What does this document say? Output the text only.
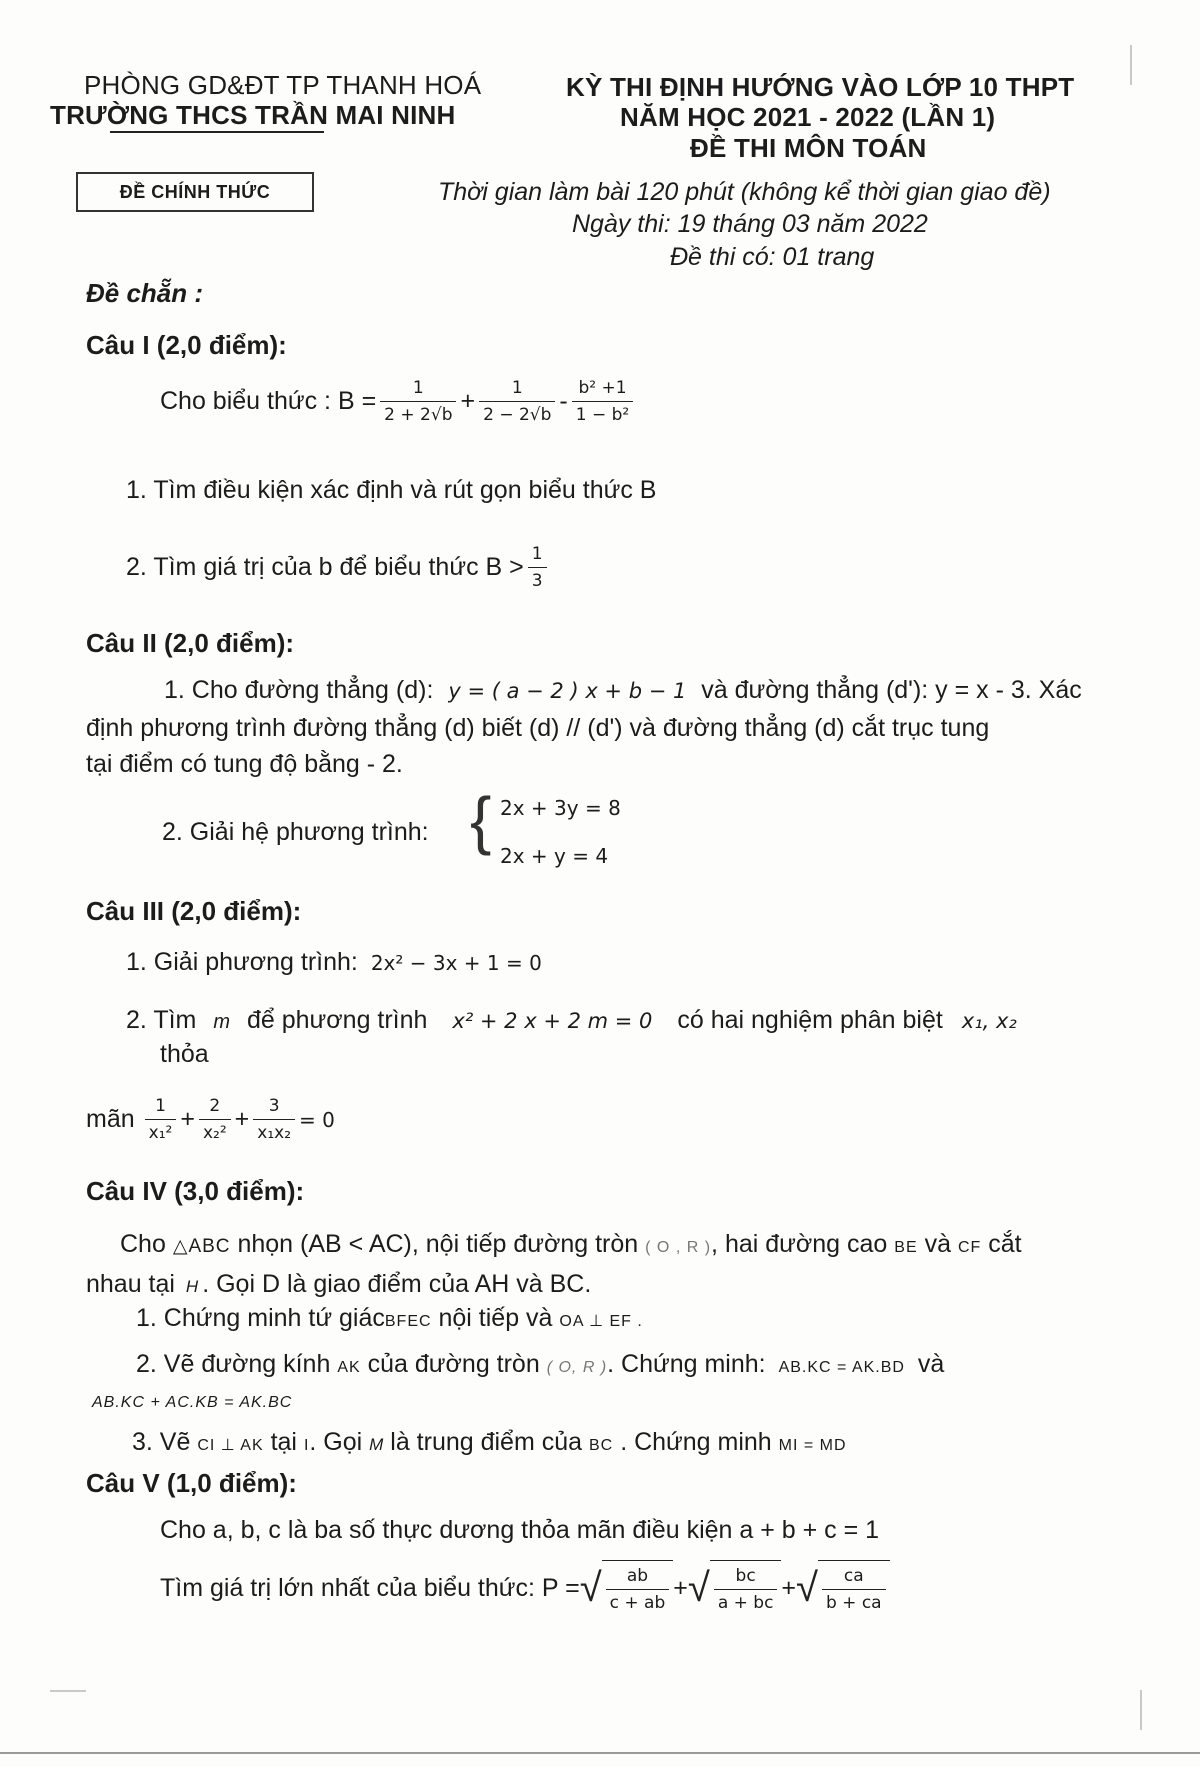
PHÒNG GD&ĐT TP THANH HOÁ
TRƯỜNG THCS TRẦN MAI NINH
KỲ THI ĐỊNH HƯỚNG VÀO LỚP 10 THPT
NĂM HỌC 2021 - 2022 (LẦN 1)
ĐỀ THI MÔN TOÁN
ĐỀ CHÍNH THỨC	Thời gian làm bài 120 phút (không kể thời gian giao đề)
Ngày thi: 19 tháng 03 năm 2022
Đề thi có: 01 trang
Đề chẵn :
Câu I (2,0 điểm):
Cho biểu thức : $B = \frac{1}{2 + 2√b} + \frac{1}{2 - 2√b} - \frac{\text{b² +1}}{\text{1 − b²}}$
1. Tìm điều kiện xác định và rút gọn biểu thức B
2. Tìm giá trị của b để biểu thức $B > \frac{1}{3}$
Câu II (2,0 điểm):
1. Cho đường thẳng (d): y = ( a − 2 ) x + b − 1 và đường thẳng (d'): y = x - 3. Xác
định phương trình đường thẳng (d) biết (d) // (d') và đường thẳng (d) cắt trục tung
tại điểm có tung độ bằng - 2.
2. Giải hệ phương trình: { 2x + 3y = 8
2x + y = 4
Câu III (2,0 điểm):
1. Giải phương trình: 2x² − 3x + 1 = 0
2. Tìm m để phương trình x² + 2 x + 2 m = 0 có hai nghiệm phân biệt x₁, x₂
thỏa
mãn $\frac{1}{\text{x₁²}} + \frac{2}{\text{x₂²}} + \frac{3}{\text{x₁x₂}} = 0$
Câu IV (3,0 điểm):
Cho △ABC nhọn (AB < AC), nội tiếp đường tròn ( O , R ), hai đường cao BE và CF cắt
nhau tại H . Gọi D là giao điểm của AH và BC.
1. Chứng minh tứ giácBFEC nội tiếp và OA ⊥ EF .
2. Vẽ đường kính AK của đường tròn ( O, R ). Chứng minh: AB.KC = AK.BD và
AB.KC + AC.KB = AK.BC
3. Vẽ CI ⊥ AK tại I. Gọi M là trung điểm của BC . Chứng minh MI = MD
Câu V (1,0 điểm):
Cho a, b, c là ba số thực dương thỏa mãn điều kiện a + b + c = 1
Tìm giá trị lớn nhất của biểu thức: P = √ $\frac{ab}{c + ab}$ + √ $\frac{bc}{a + bc}$ + √ $\frac{ca}{b + ca}$
